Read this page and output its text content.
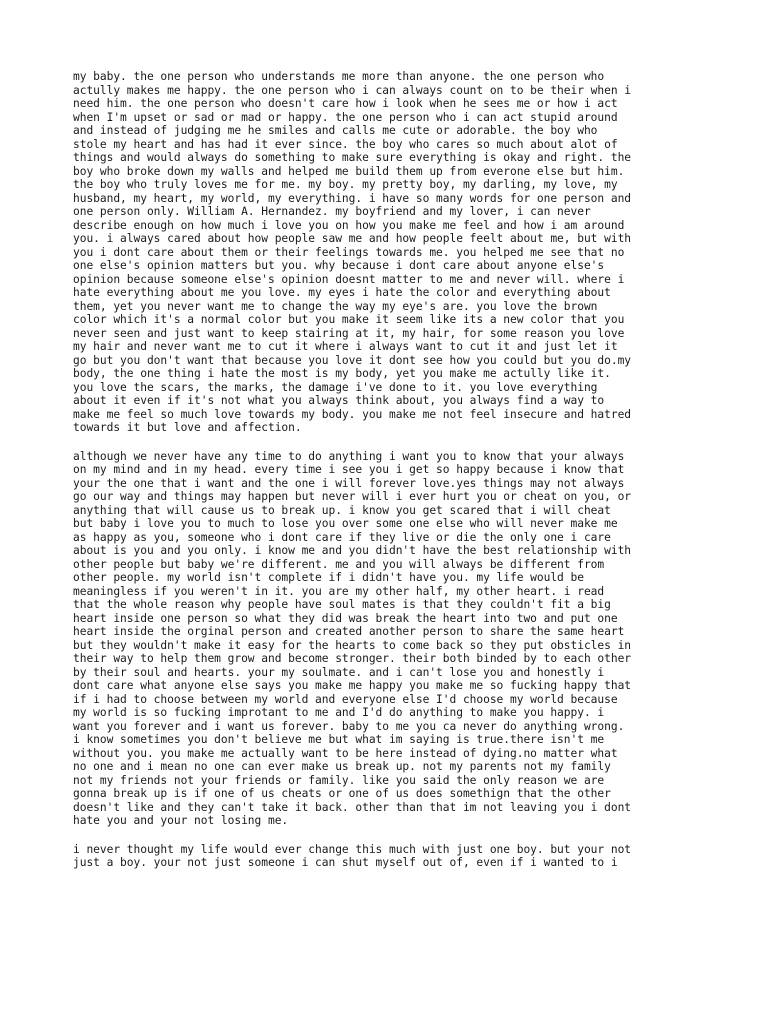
my baby. the one person who understands me more than anyone. the one person who
actully makes me happy. the one person who i can always count on to be their when i
need him. the one person who doesn't care how i look when he sees me or how i act
when I'm upset or sad or mad or happy. the one person who i can act stupid around
and instead of judging me he smiles and calls me cute or adorable. the boy who
stole my heart and has had it ever since. the boy who cares so much about alot of
things and would always do something to make sure everything is okay and right. the
boy who broke down my walls and helped me build them up from everone else but him.
the boy who truly loves me for me. my boy. my pretty boy, my darling, my love, my
husband, my heart, my world, my everything. i have so many words for one person and
one person only. William A. Hernandez. my boyfriend and my lover, i can never
describe enough on how much i love you on how you make me feel and how i am around
you. i always cared about how people saw me and how people feelt about me, but with
you i dont care about them or their feelings towards me. you helped me see that no
one else's opinion matters but you. why because i dont care about anyone else's
opinion because someone else's opinion doesnt matter to me and never will. where i
hate everything about me you love. my eyes i hate the color and everything about
them, yet you never want me to change the way my eye's are. you love the brown
color which it's a normal color but you make it seem like its a new color that you
never seen and just want to keep stairing at it, my hair, for some reason you love
my hair and never want me to cut it where i always want to cut it and just let it
go but you don't want that because you love it dont see how you could but you do.my
body, the one thing i hate the most is my body, yet you make me actully like it.
you love the scars, the marks, the damage i've done to it. you love everything
about it even if it's not what you always think about, you always find a way to
make me feel so much love towards my body. you make me not feel insecure and hatred
towards it but love and affection.

although we never have any time to do anything i want you to know that your always
on my mind and in my head. every time i see you i get so happy because i know that
your the one that i want and the one i will forever love.yes things may not always
go our way and things may happen but never will i ever hurt you or cheat on you, or
anything that will cause us to break up. i know you get scared that i will cheat
but baby i love you to much to lose you over some one else who will never make me
as happy as you, someone who i dont care if they live or die the only one i care
about is you and you only. i know me and you didn't have the best relationship with
other people but baby we're different. me and you will always be different from
other people. my world isn't complete if i didn't have you. my life would be
meaningless if you weren't in it. you are my other half, my other heart. i read
that the whole reason why people have soul mates is that they couldn't fit a big
heart inside one person so what they did was break the heart into two and put one
heart inside the orginal person and created another person to share the same heart
but they wouldn't make it easy for the hearts to come back so they put obsticles in
their way to help them grow and become stronger. their both binded by to each other
by their soul and hearts. your my soulmate. and i can't lose you and honestly i
dont care what anyone else says you make me happy you make me so fucking happy that
if i had to choose between my world and everyone else I'd choose my world because
my world is so fucking improtant to me and I'd do anything to make you happy. i
want you forever and i want us forever. baby to me you ca never do anything wrong.
i know sometimes you don't believe me but what im saying is true.there isn't me
without you. you make me actually want to be here instead of dying.no matter what
no one and i mean no one can ever make us break up. not my parents not my family
not my friends not your friends or family. like you said the only reason we are
gonna break up is if one of us cheats or one of us does somethign that the other
doesn't like and they can't take it back. other than that im not leaving you i dont
hate you and your not losing me.

i never thought my life would ever change this much with just one boy. but your not
just a boy. your not just someone i can shut myself out of, even if i wanted to i
